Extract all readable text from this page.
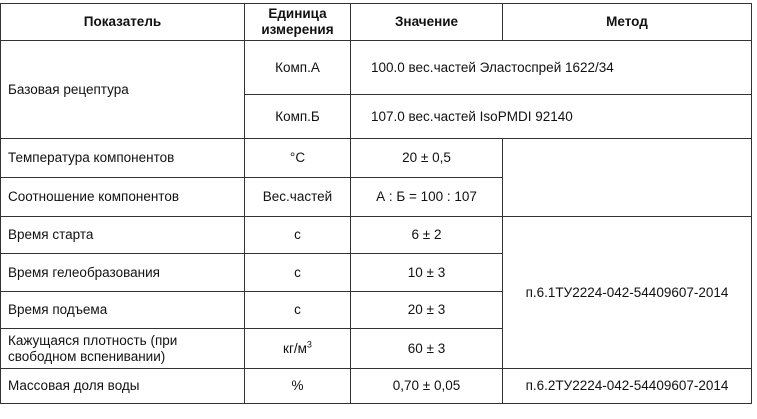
Показатель	Единица измерения	Значение	Метод
Базовая рецептура	Комп.А	100.0 вес.частей Эластоспрей 1622/34	
	Комп.Б	107.0 вес.частей IsoPMDI 92140	
Температура компонентов	°C	20 ± 0,5	
Соотношение компонентов	Вес.частей	А : Б = 100 : 107	
Время старта	с	6 ± 2	п.6.1ТУ2224-042-54409607-2014
Время гелеобразования	с	10 ± 3	
Время подъема	с	20 ± 3	
Кажущаяся плотность (при свободном вспенивании)	$кг/м^3$	60 ± 3	
Массовая доля воды	%	0,70 ± 0,05	п.6.2ТУ2224-042-54409607-2014
